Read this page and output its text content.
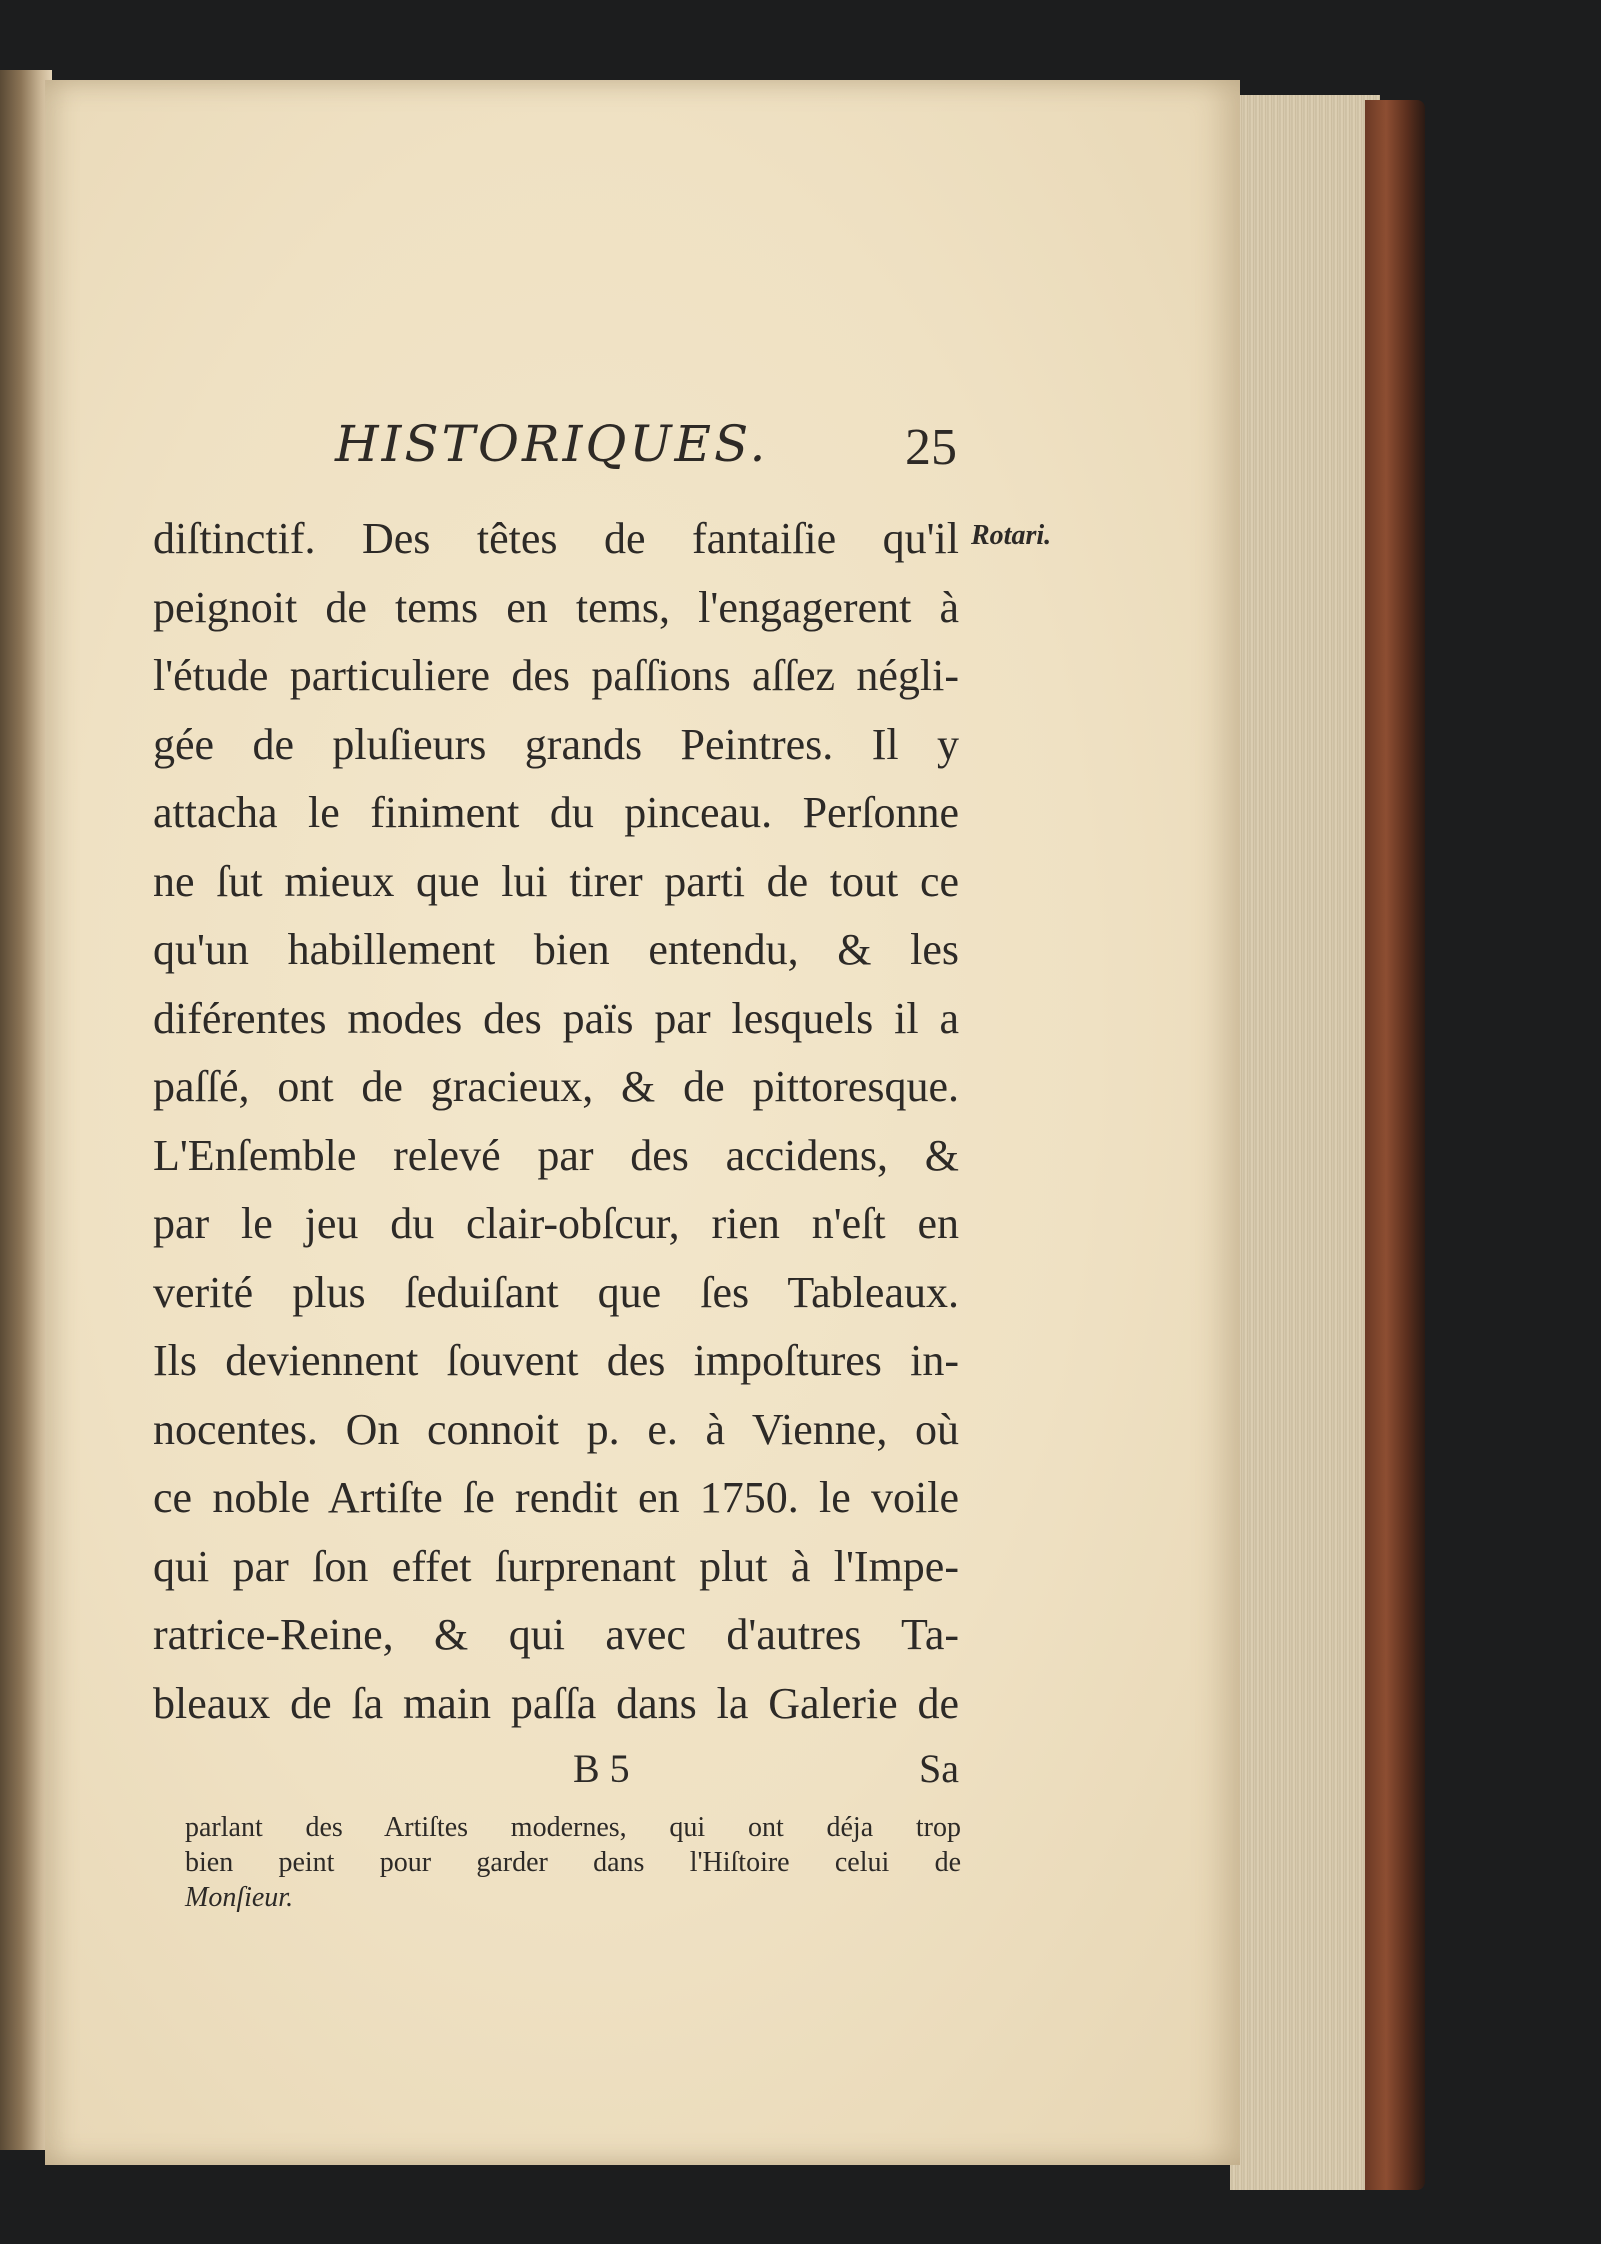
HISTORIQUES.	25
Rotari.
diſtinctif. Des têtes de fantaiſie qu'il
peignoit de tems en tems, l'engagerent à
l'étude particuliere des paſſions aſſez négli-
gée de pluſieurs grands Peintres. Il y
attacha le finiment du pinceau. Perſonne
ne ſut mieux que lui tirer parti de tout ce
qu'un habillement bien entendu, & les
diférentes modes des païs par lesquels il a
paſſé, ont de gracieux, & de pittoresque.
L'Enſemble relevé par des accidens, &
par le jeu du clair-obſcur, rien n'eſt en
verité plus ſeduiſant que ſes Tableaux.
Ils deviennent ſouvent des impoſtures in-
nocentes. On connoit p. e. à Vienne, où
ce noble Artiſte ſe rendit en 1750. le voile
qui par ſon effet ſurprenant plut à l'Impe-
ratrice-Reine, & qui avec d'autres Ta-
bleaux de ſa main paſſa dans la Galerie de
B 5	Sa
parlant des Artiſtes modernes, qui ont déja trop
bien peint pour garder dans l'Hiſtoire celui de
Monſieur.
